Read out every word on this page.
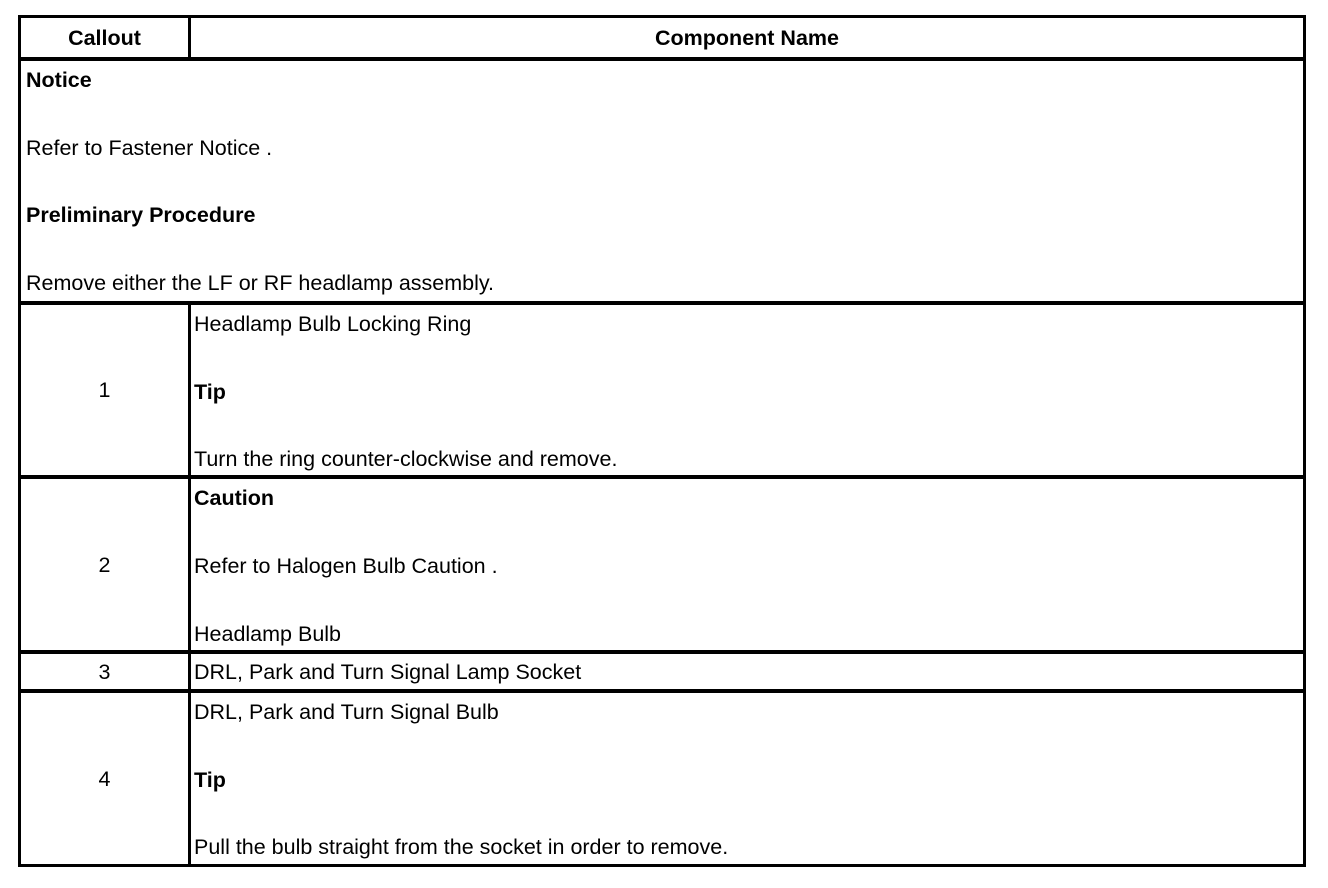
Callout	Component Name
Notice
Refer to Fastener Notice .
Preliminary Procedure
Remove either the LF or RF headlamp assembly.
1
Headlamp Bulb Locking Ring
Tip
Turn the ring counter-clockwise and remove.
2
Caution
Refer to Halogen Bulb Caution .
Headlamp Bulb
3	DRL, Park and Turn Signal Lamp Socket
4
DRL, Park and Turn Signal Bulb
Tip
Pull the bulb straight from the socket in order to remove.
